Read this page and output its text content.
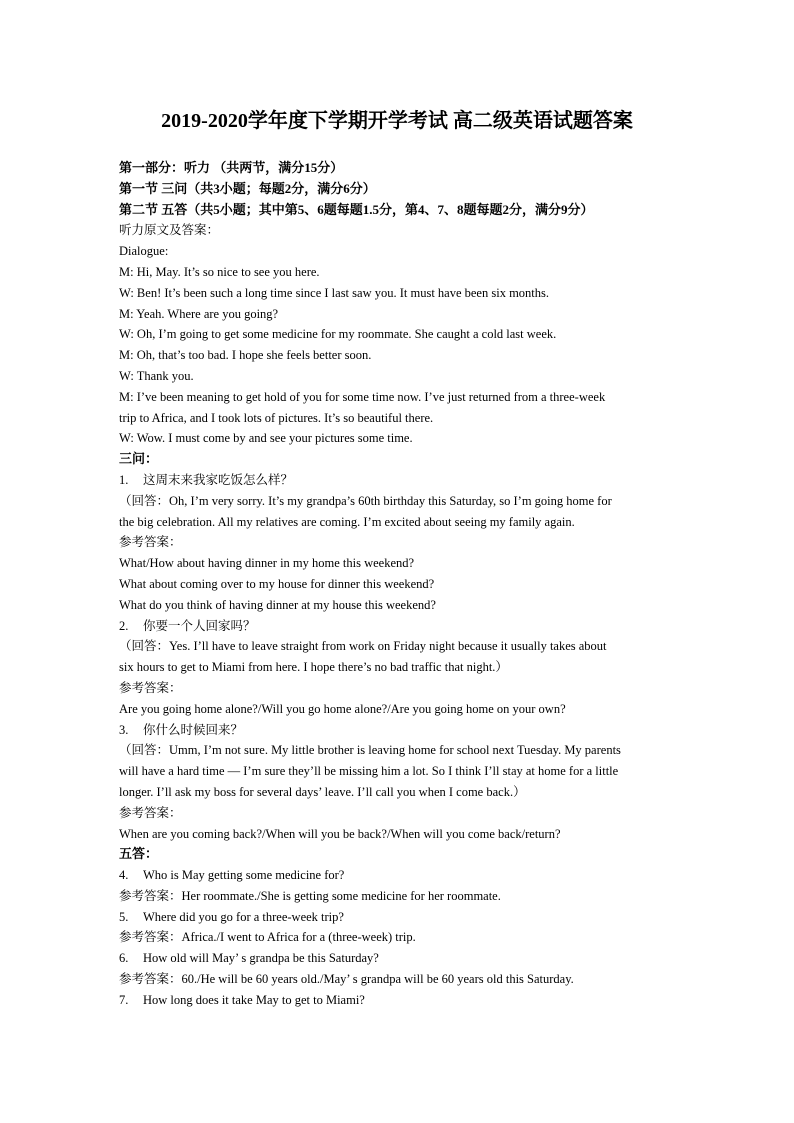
2019-2020学年度下学期开学考试 高二级英语试题答案
第一部分：听力 （共两节，满分15分）
第一节 三问（共3小题；每题2分，满分6分）
第二节 五答（共5小题；其中第5、6题每题1.5分，第4、7、8题每题2分，满分9分）
听力原文及答案：
Dialogue:
M: Hi, May. It’s so nice to see you here.
W: Ben! It’s been such a long time since I last saw you. It must have been six months.
M: Yeah. Where are you going?
W: Oh, I’m going to get some medicine for my roommate. She caught a cold last week.
M: Oh, that’s too bad. I hope she feels better soon.
W: Thank you.
M: I’ve been meaning to get hold of you for some time now. I’ve just returned from a three-week
trip to Africa, and I took lots of pictures. It’s so beautiful there.
W: Wow. I must come by and see your pictures some time.
三问：
1. 这周末来我家吃饭怎么样？
（回答：Oh, I’m very sorry. It’s my grandpa’s 60th birthday this Saturday, so I’m going home for
the big celebration. All my relatives are coming. I’m excited about seeing my family again.
参考答案：
What/How about having dinner in my home this weekend?
What about coming over to my house for dinner this weekend?
What do you think of having dinner at my house this weekend?
2. 你要一个人回家吗？
（回答：Yes. I’ll have to leave straight from work on Friday night because it usually takes about
six hours to get to Miami from here. I hope there’s no bad traffic that night.）
参考答案：
Are you going home alone?/Will you go home alone?/Are you going home on your own?
3. 你什么时候回来？
（回答：Umm, I’m not sure. My little brother is leaving home for school next Tuesday. My parents
will have a hard time — I’m sure they’ll be missing him a lot. So I think I’ll stay at home for a little
longer. I’ll ask my boss for several days’ leave. I’ll call you when I come back.）
参考答案：
When are you coming back?/When will you be back?/When will you come back/return?
五答：
4. Who is May getting some medicine for?
参考答案：Her roommate./She is getting some medicine for her roommate.
5. Where did you go for a three-week trip?
参考答案：Africa./I went to Africa for a (three-week) trip.
6. How old will May’ s grandpa be this Saturday?
参考答案：60./He will be 60 years old./May’ s grandpa will be 60 years old this Saturday.
7. How long does it take May to get to Miami?
